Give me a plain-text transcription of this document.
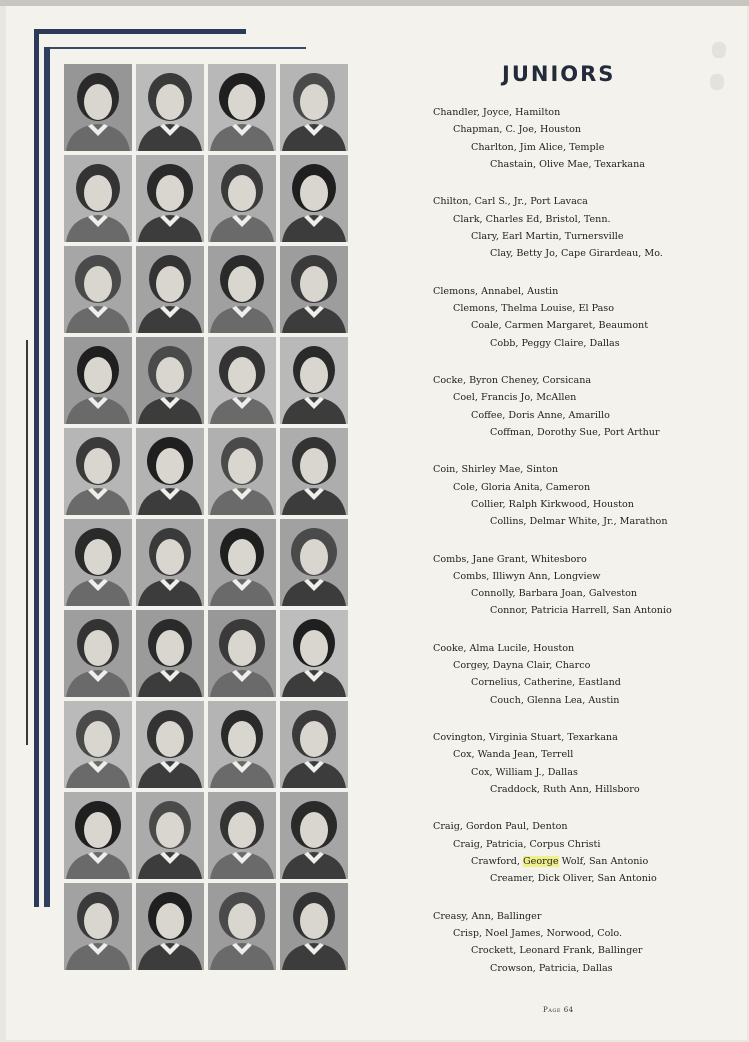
JUNIORS
Chandler, Joyce, Hamilton
Chapman, C. Joe, Houston
Charlton, Jim Alice, Temple
Chastain, Olive Mae, Texarkana
Chilton, Carl S., Jr., Port Lavaca
Clark, Charles Ed, Bristol, Tenn.
Clary, Earl Martin, Turnersville
Clay, Betty Jo, Cape Girardeau, Mo.
Clemons, Annabel, Austin
Clemons, Thelma Louise, El Paso
Coale, Carmen Margaret, Beaumont
Cobb, Peggy Claire, Dallas
Cocke, Byron Cheney, Corsicana
Coel, Francis Jo, McAllen
Coffee, Doris Anne, Amarillo
Coffman, Dorothy Sue, Port Arthur
Coin, Shirley Mae, Sinton
Cole, Gloria Anita, Cameron
Collier, Ralph Kirkwood, Houston
Collins, Delmar White, Jr., Marathon
Combs, Jane Grant, Whitesboro
Combs, Illiwyn Ann, Longview
Connolly, Barbara Joan, Galveston
Connor, Patricia Harrell, San Antonio
Cooke, Alma Lucile, Houston
Corgey, Dayna Clair, Charco
Cornelius, Catherine, Eastland
Couch, Glenna Lea, Austin
Covington, Virginia Stuart, Texarkana
Cox, Wanda Jean, Terrell
Cox, William J., Dallas
Craddock, Ruth Ann, Hillsboro
Craig, Gordon Paul, Denton
Craig, Patricia, Corpus Christi
Crawford, George Wolf, San Antonio
Creamer, Dick Oliver, San Antonio
Creasy, Ann, Ballinger
Crisp, Noel James, Norwood, Colo.
Crockett, Leonard Frank, Ballinger
Crowson, Patricia, Dallas
Page 64
